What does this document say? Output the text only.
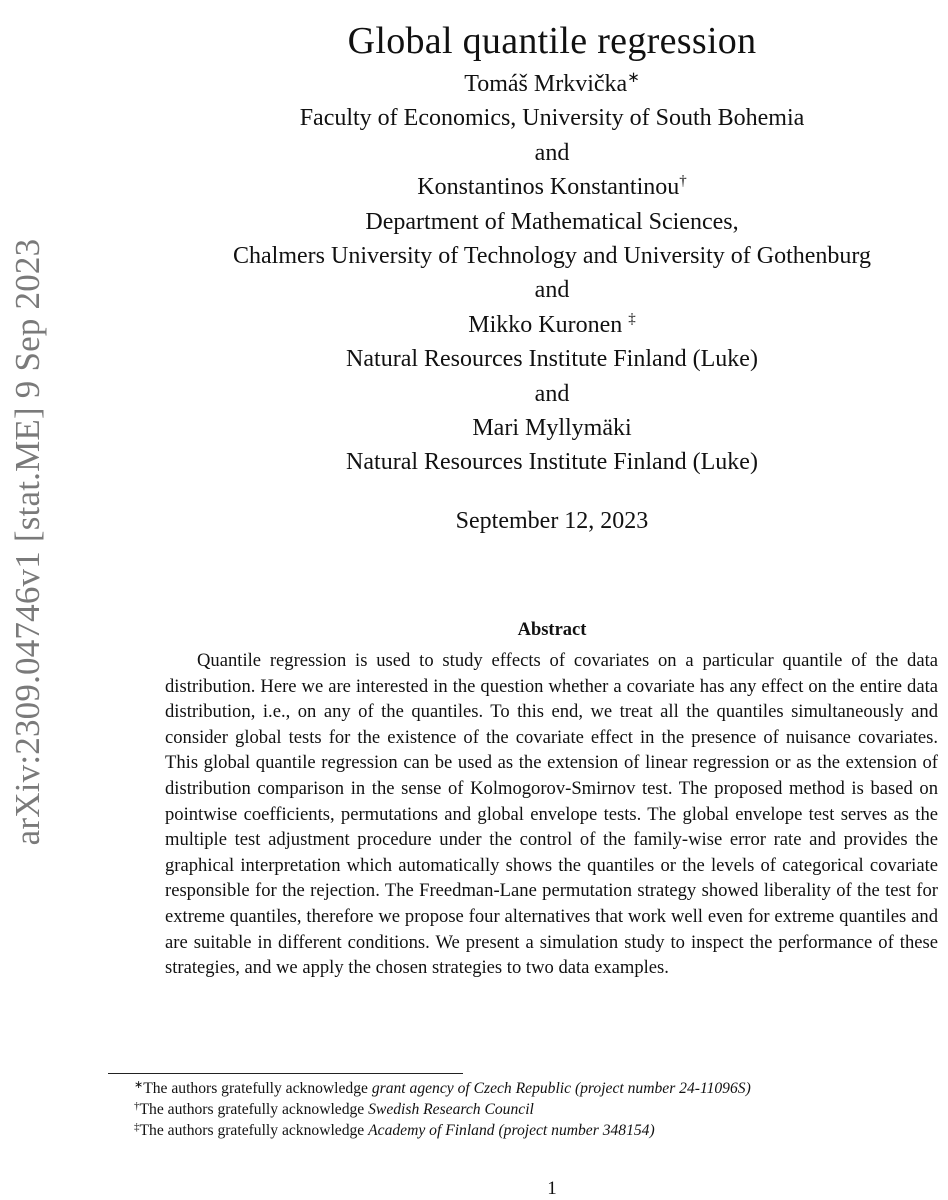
arXiv:2309.04746v1 [stat.ME] 9 Sep 2023
Global quantile regression
Tomáš Mrkvička∗
Faculty of Economics, University of South Bohemia
and
Konstantinos Konstantinou†
Department of Mathematical Sciences,
Chalmers University of Technology and University of Gothenburg
and
Mikko Kuronen ‡
Natural Resources Institute Finland (Luke)
and
Mari Myllymäki
Natural Resources Institute Finland (Luke)
September 12, 2023
Abstract

Quantile regression is used to study effects of covariates on a particular quantile of the data distribution. Here we are interested in the question whether a covariate has any effect on the entire data distribution, i.e., on any of the quantiles. To this end, we treat all the quantiles simultaneously and consider global tests for the existence of the covariate effect in the presence of nuisance covariates. This global quantile regression can be used as the extension of linear regression or as the extension of distribution comparison in the sense of Kolmogorov-Smirnov test. The proposed method is based on pointwise coefficients, permutations and global envelope tests. The global envelope test serves as the multiple test adjustment procedure under the control of the family-wise error rate and provides the graphical interpretation which automatically shows the quantiles or the levels of categorical covariate responsible for the rejection. The Freedman-Lane permutation strategy showed liberality of the test for extreme quantiles, therefore we propose four alternatives that work well even for extreme quantiles and are suitable in different conditions. We present a simulation study to inspect the performance of these strategies, and we apply the chosen strategies to two data examples.

∗The authors gratefully acknowledge grant agency of Czech Republic (project number 24-11096S)
†The authors gratefully acknowledge Swedish Research Council
‡The authors gratefully acknowledge Academy of Finland (project number 348154)
1
